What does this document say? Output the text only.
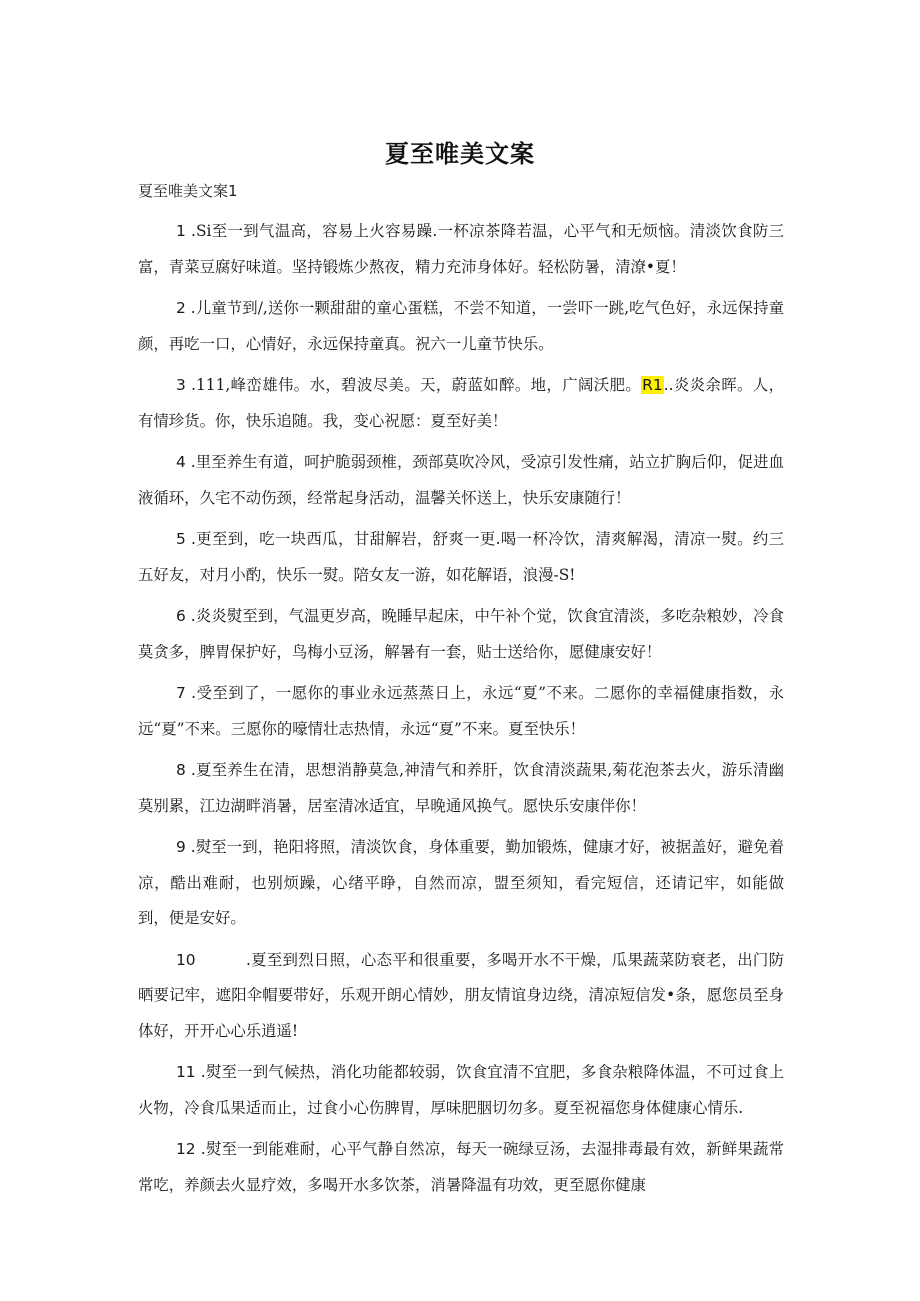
夏至唯美文案
夏至唯美文案1

1 .Si至一到气温高，容易上火容易躁.一杯凉茶降若温，心平气和无烦恼。清淡饮食防三富，青菜豆腐好味道。坚持锻炼少熬夜，精力充沛身体好。轻松防暑，清潦•夏！

2 .儿童节到/,送你一颗甜甜的童心蛋糕，不尝不知道，一尝吓一跳,吃气色好，永远保持童颜，再吃一口，心情好，永远保持童真。祝六一儿童节快乐。

3 .111,峰峦雄伟。水，碧波尽美。天，蔚蓝如醉。地，广阔沃肥。R1..炎炎余晖。人，有情珍货。你，快乐追随。我，变心祝愿：夏至好美！

4 .里至养生有道，呵护脆弱颈椎，颈部莫吹冷风，受凉引发性痛，站立扩胸后仰，促进血液循环，久宅不动伤颈，经常起身活动，温馨关怀送上，快乐安康随行！

5 .更至到，吃一块西瓜，甘甜解岩，舒爽一更.喝一杯冷饮，清爽解渴，清凉一熨。约三五好友，对月小酌，快乐一熨。陪女友一游，如花解语，浪漫-S!

6 .炎炎熨至到，气温更岁高，晚睡早起床，中午补个觉，饮食宜清淡，多吃杂粮妙，冷食莫贪多，脾胃保护好，鸟梅小豆汤，解暑有一套，贴士送给你，愿健康安好！

7 .受至到了，一愿你的事业永远蒸蒸日上，永远“夏”不来。二愿你的幸福健康指数，永远“夏”不来。三愿你的嚎情壮志热情，永远“夏”不来。夏至快乐！

8 .夏至养生在清，思想消静莫急,神清气和养肝，饮食清淡蔬果,菊花泡茶去火，游乐清幽莫别累，江边湖畔消暑，居室清冰适宜，早晚通风换气。愿快乐安康伴你！

9 .熨至一到，艳阳将照，清淡饮食，身体重要，勤加锻炼，健康才好，被据盖好，避免着凉，酷出难耐，也别烦躁，心绪平睁，自然而凉，盟至须知，看完短信，还请记牢，如能做到，便是安好。

10	.夏至到烈日照，心态平和很重要，多喝开水不干燥，瓜果蔬菜防衰老，出门防晒要记牢，遮阳伞帽要带好，乐观开朗心情妙，朋友情谊身边绕，清凉短信发•条，愿您员至身体好，开开心心乐逍遥!

11 .熨至一到气候热，消化功能都较弱，饮食宜清不宜肥，多食杂粮降体温，不可过食上火物，冷食瓜果适而止，过食小心伤脾胃，厚味肥胭切勿多。夏至祝福您身体健康心情乐.

12 .熨至一到能难耐，心平气静自然凉，每天一碗绿豆汤，去湿排毒最有效，新鲜果蔬常常吃，养颜去火显疗效，多喝开水多饮茶，消暑降温有功效，更至愿你健康
